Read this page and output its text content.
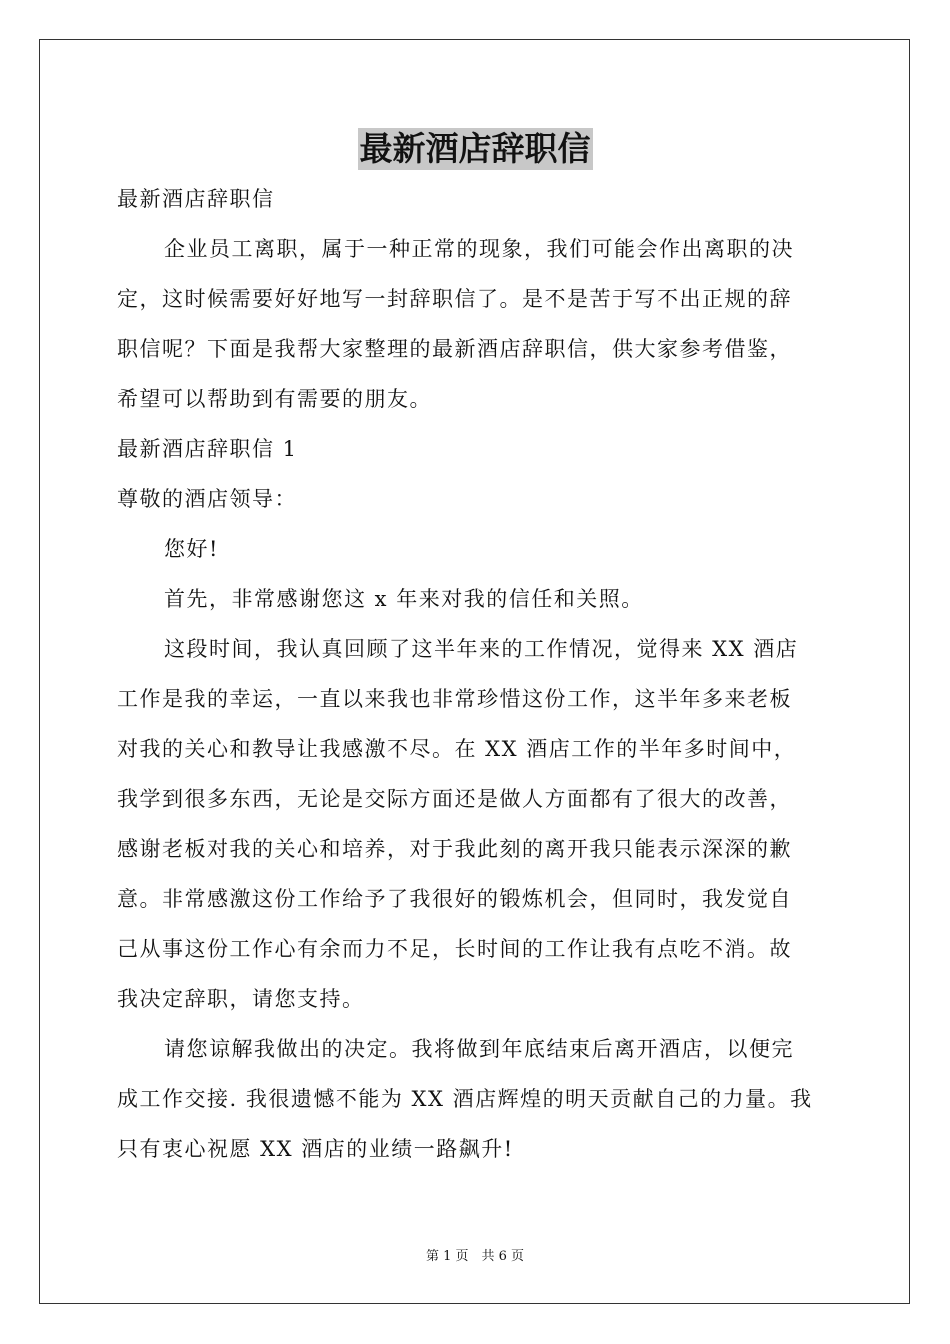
最新酒店辞职信

最新酒店辞职信

企业员工离职，属于一种正常的现象，我们可能会作出离职的决

定，这时候需要好好地写一封辞职信了。是不是苦于写不出正规的辞

职信呢？下面是我帮大家整理的最新酒店辞职信，供大家参考借鉴，

希望可以帮助到有需要的朋友。

最新酒店辞职信 1

尊敬的酒店领导：

您好!

首先，非常感谢您这 x 年来对我的信任和关照。

这段时间，我认真回顾了这半年来的工作情况，觉得来 XX 酒店

工作是我的幸运，一直以来我也非常珍惜这份工作，这半年多来老板

对我的关心和教导让我感激不尽。在 XX 酒店工作的半年多时间中，

我学到很多东西，无论是交际方面还是做人方面都有了很大的改善，

感谢老板对我的关心和培养，对于我此刻的离开我只能表示深深的歉

意。非常感激这份工作给予了我很好的锻炼机会，但同时，我发觉自

己从事这份工作心有余而力不足，长时间的工作让我有点吃不消。故

我决定辞职，请您支持。

请您谅解我做出的决定。我将做到年底结束后离开酒店，以便完

成工作交接. 我很遗憾不能为 XX 酒店辉煌的明天贡献自己的力量。我

只有衷心祝愿 XX 酒店的业绩一路飙升!

第 1 页　共 6 页
